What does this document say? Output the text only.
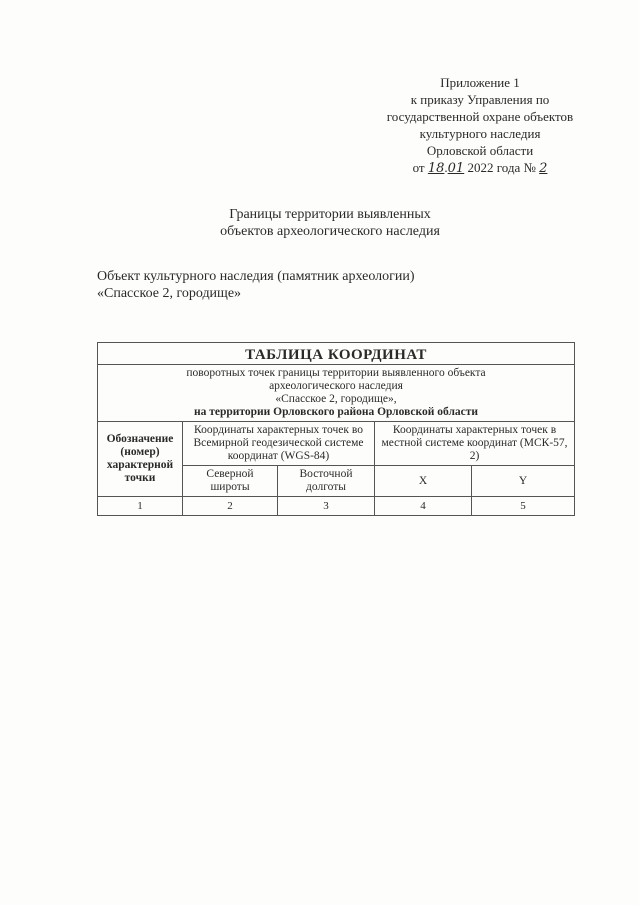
Приложение 1
к приказу Управления по
государственной охране объектов
культурного наследия
Орловской области
от 18.01 2022 года № 2
Границы территории выявленных
объектов археологического наследия
Объект культурного наследия (памятник археологии)
«Спасское 2, городище»
ТАБЛИЦА КООРДИНАТ				

поворотных точек границы территории выявленного объекта
археологического наследия
«Спасское 2, городище»,
на территории Орловского района Орловской области				

Обозначение (номер) характерной точки	Координаты характерных точек во Всемирной геодезической системе координат (WGS-84)		Координаты характерных точек в местной системе координат (МСК-57, 2)	
	Северной широты	Восточной долготы	X	Y
1	2	3	4	5
